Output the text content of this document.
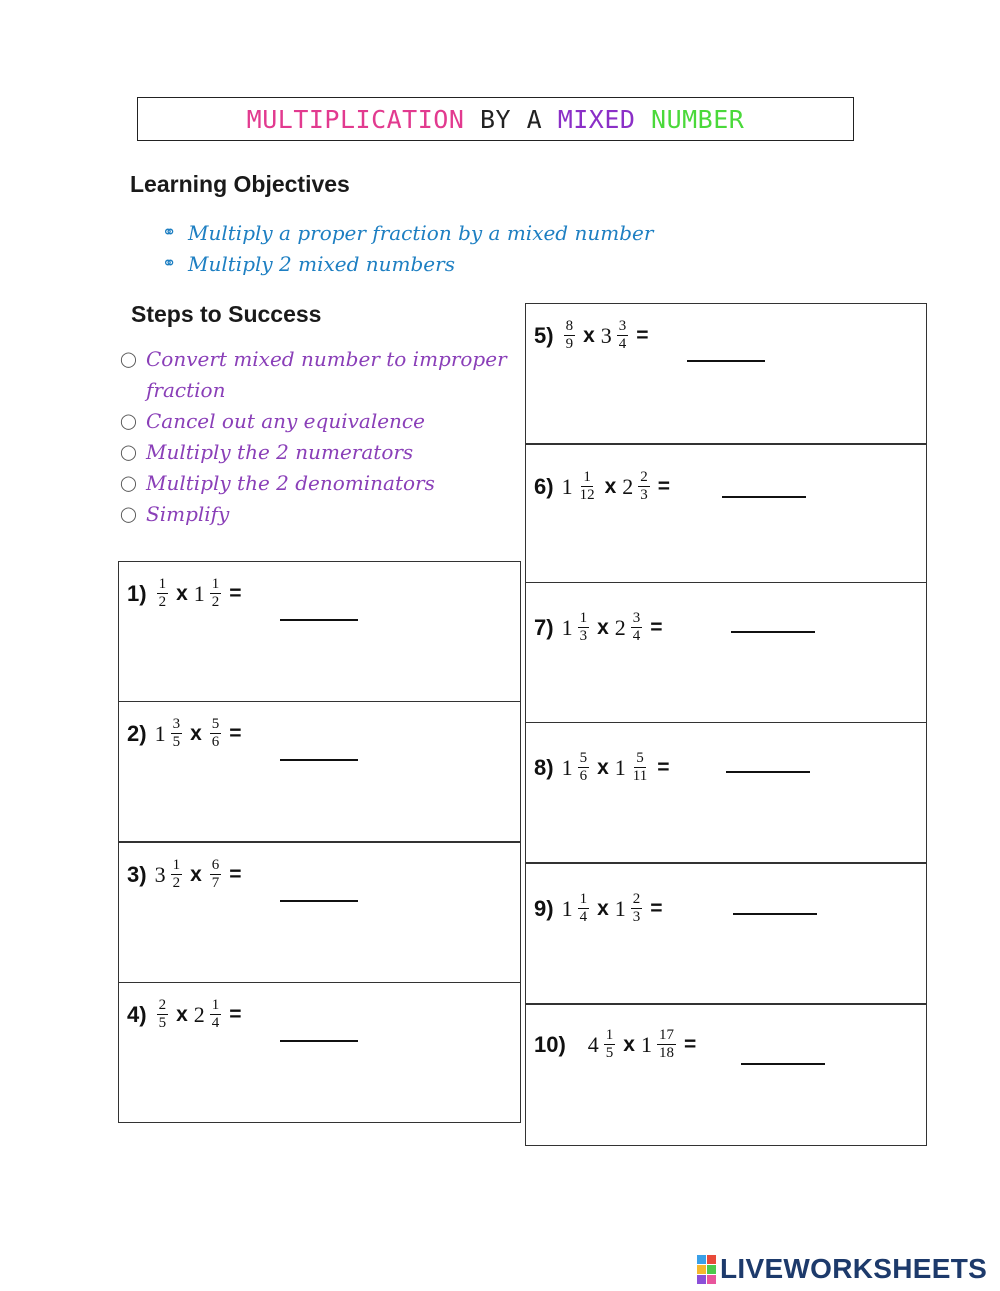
MULTIPLICATION BY A MIXED NUMBER
Learning Objectives
⚭ Multiply a proper fraction by a mixed number
⚭ Multiply 2 mixed numbers
Steps to Success
◯ Convert mixed number to improper
fraction
◯ Cancel out any equivalence
◯ Multiply the 2 numerators
◯ Multiply the 2 denominators
◯ Simplify
$1) \frac{1}{2}$ x $1 \frac{1}{2}$ =
2) $1 \frac{3}{5}$ x $\frac{5}{6}$ =
3) $3 \frac{1}{2}$ x $\frac{6}{7}$ =
$4) \frac{2}{5}$ x $2 \frac{1}{4}$ =
$5) \frac{8}{9}$ x $3 \frac{3}{4}$ =
6) $1 \frac{1}{12}$ x $2 \frac{2}{3}$ =
7) $1 \frac{1}{3}$ x $2 \frac{3}{4}$ =
8) $1 \frac{5}{6}$ x $1 \frac{5}{11}$ =
9) $1 \frac{1}{4}$ x $1 \frac{2}{3}$ =
10) $4 \frac{1}{5}$ x $1 \frac{17}{18}$ =
LIVEWORKSHEETS
